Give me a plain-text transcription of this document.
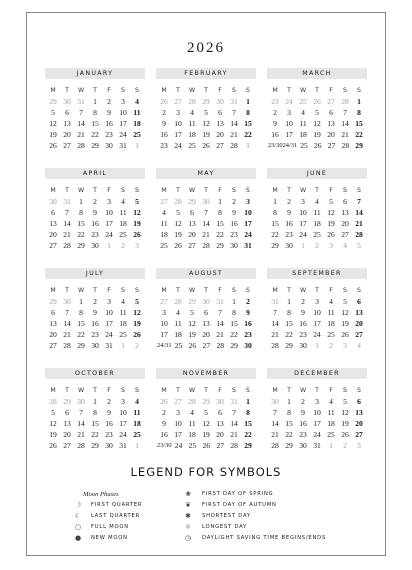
2026
JANUARY
M	T	W	T	F	S	S
29 30 31	1	2	3	4
5	6	7	8	9	10 11
12 13 14 15 16 17 18
19 20 21 22 23 24 25
26 27 28 29 30 31	1
FEBRUARY
M	T	W	T	F	S	S
26 27 28 29 30 31	1
2	3	4	5	6	7	8
9	10 11 12 13 14 15
16 17 18 19 20 21 22
23 24 25 26 27 28	1
MARCH
M	T	W	T	F	S	S
23 24 25 26 27 28	1
2	3	4	5	6	7	8
9	10 11 12 13 14 15
16 17 18 19 20 21 22
23/30 24/31 25 26 27 28 29
APRIL
M	T	W	T	F	S	S
30 31	1	2	3	4	5
6	7	8	9	10 11 12
13 14 15 16 17 18 19
20 21 22 23 24 25 26
27 28 29 30	1	2	3
MAY
M	T	W	T	F	S	S
27 28 29 30	1	2	3
4	5	6	7	8	9	10
11 12 13 14 15 16 17
18 19 20 21 22 23 24
25 26 27 28 29 30 31
JUNE
M	T	W	T	F	S	S
1	2	3	4	5	6	7
8	9	10 11 12 13 14
15 16 17 18 19 20 21
22 23 24 25 26 27 28
29 30	1	2	3	4	5
JULY
M	T	W	T	F	S	S
29 30	1	2	3	4	5
6	7	8	9	10 11 12
13 14 15 16 17 18 19
20 21 22 23 24 25 26
27 28 29 30 31	1	2
AUGUST
M	T	W	T	F	S	S
27 28 29 30 31	1	2
3	4	5	6	7	8	9
10 11 12 13 14 15 16
17 18 19 20 21 22 23
24/31 25 26 27 28 29 30
SEPTEMBER
M	T	W	T	F	S	S
31	1	2	3	4	5	6
7	8	9	10 11 12 13
14 15 16 17 18 19 20
21 22 23 24 25 26 27
28 29 30	1	2	3	4
OCTOBER
M	T	W	T	F	S	S
28 29 30	1	2	3	4
5	6	7	8	9	10 11
12 13 14 15 16 17 18
19 20 21 22 23 24 25
26 27 28 29 30 31	1
NOVEMBER
M	T	W	T	F	S	S
26 27 28 29 30 31	1
2	3	4	5	6	7	8
9	10 11 12 13 14 15
16 17 18 19 20 21 22
23/30 24 25 26 27 28 29
DECEMBER
M	T	W	T	F	S	S
30	1	2	3	4	5	6
7	8	9	10 11 12 13
14 15 16 17 18 19 20
21 22 23 24 25 26 27
28 29 30 31	1	2	3
LEGEND FOR SYMBOLS
Moon Phases
☽	FIRST QUARTER
☾	LAST QUARTER
○	FULL MOON
●	NEW MOON
❀	FIRST DAY OF SPRING
❦	FIRST DAY OF AUTUMN
✱	SHORTEST DAY
☼	LONGEST DAY
◷	DAYLIGHT SAVING TIME BEGINS/ENDS
